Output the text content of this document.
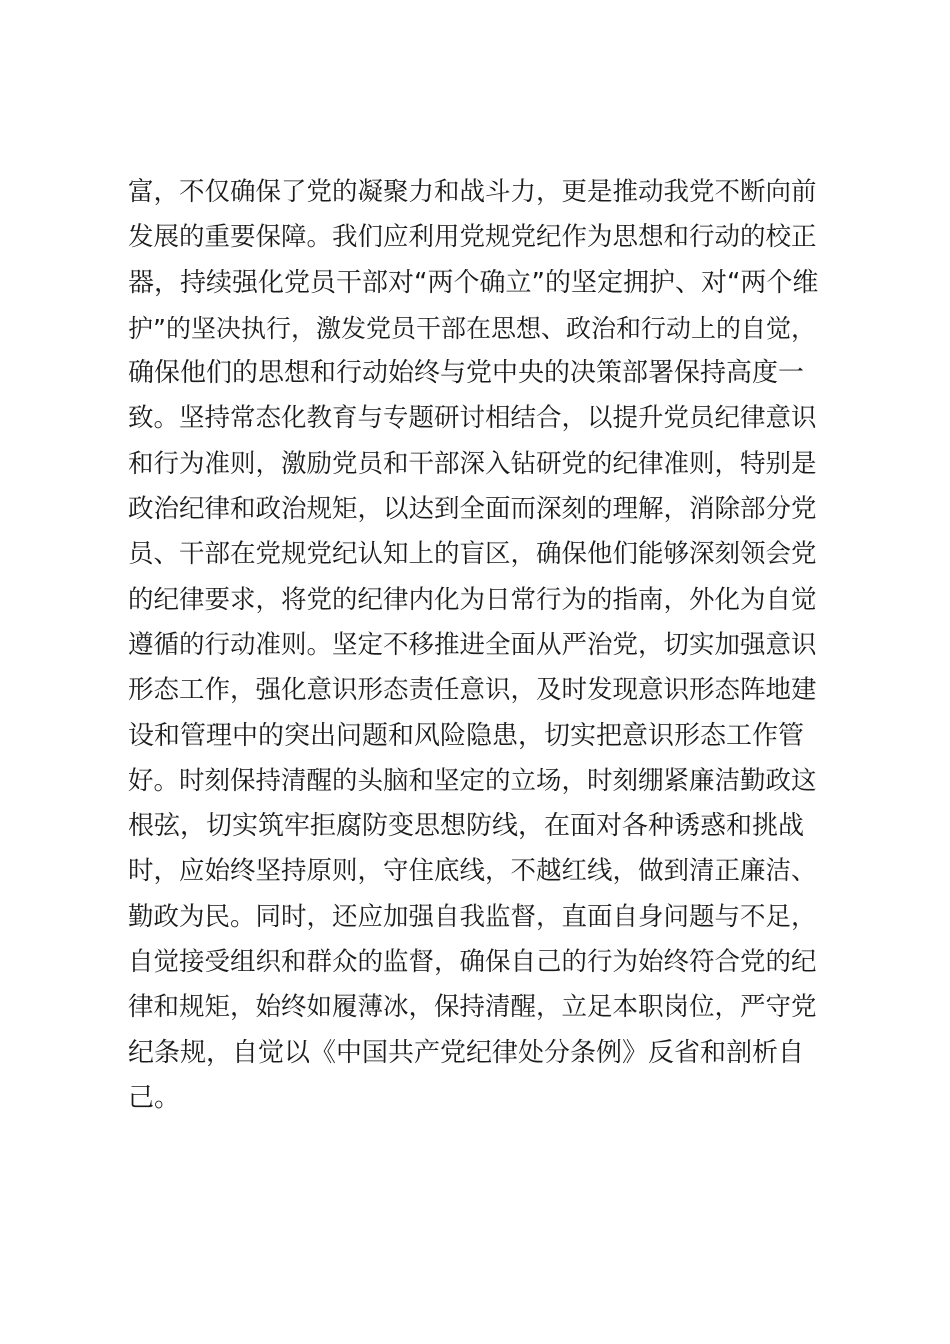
富，不仅确保了党的凝聚力和战斗力，更是推动我党不断向前
发展的重要保障。我们应利用党规党纪作为思想和行动的校正
器，持续强化党员干部对“两个确立”的坚定拥护、对“两个维
护”的坚决执行，激发党员干部在思想、政治和行动上的自觉，
确保他们的思想和行动始终与党中央的决策部署保持高度一
致。坚持常态化教育与专题研讨相结合，以提升党员纪律意识
和行为准则，激励党员和干部深入钻研党的纪律准则，特别是
政治纪律和政治规矩，以达到全面而深刻的理解，消除部分党
员、干部在党规党纪认知上的盲区，确保他们能够深刻领会党
的纪律要求，将党的纪律内化为日常行为的指南，外化为自觉
遵循的行动准则。坚定不移推进全面从严治党，切实加强意识
形态工作，强化意识形态责任意识，及时发现意识形态阵地建
设和管理中的突出问题和风险隐患，切实把意识形态工作管
好。时刻保持清醒的头脑和坚定的立场，时刻绷紧廉洁勤政这
根弦，切实筑牢拒腐防变思想防线，在面对各种诱惑和挑战
时，应始终坚持原则，守住底线，不越红线，做到清正廉洁、
勤政为民。同时，还应加强自我监督，直面自身问题与不足，
自觉接受组织和群众的监督，确保自己的行为始终符合党的纪
律和规矩，始终如履薄冰，保持清醒，立足本职岗位，严守党
纪条规，自觉以《中国共产党纪律处分条例》反省和剖析自
己。
